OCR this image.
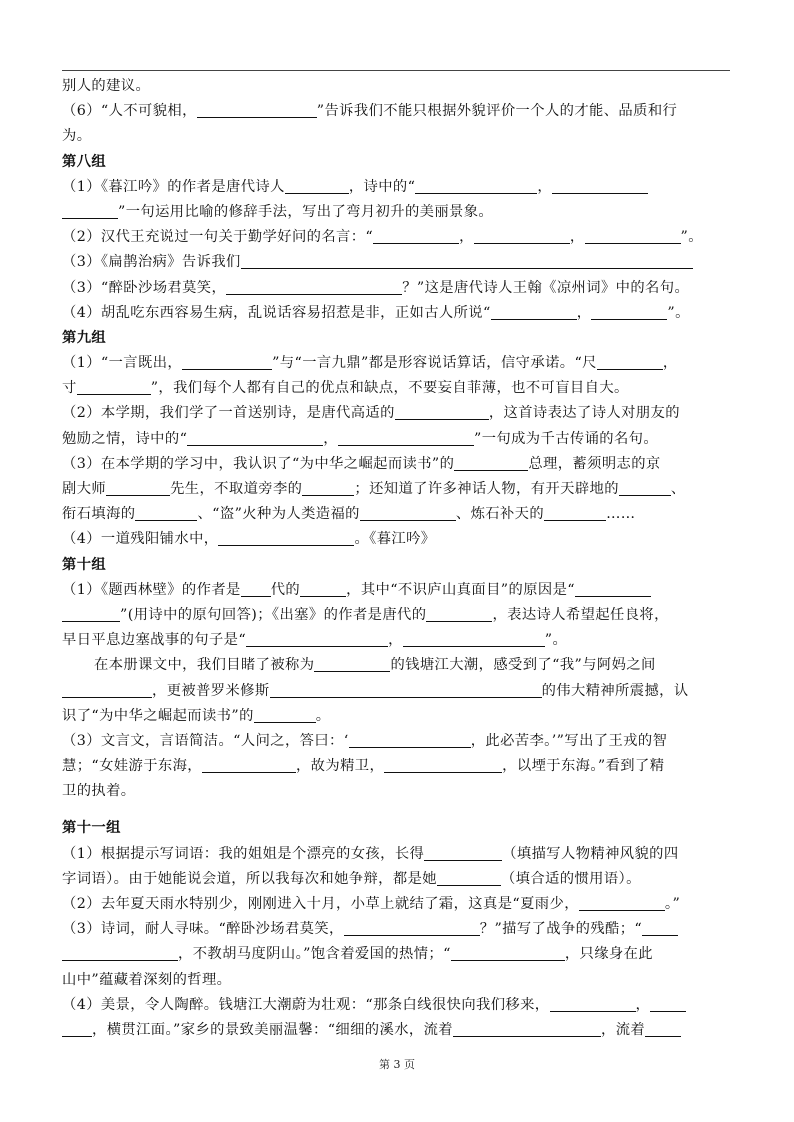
别人的建议。
（6）“人不可貌相，	”告诉我们不能只根据外貌评价一个人的才能、品质和行
为。
第八组
（1）《暮江吟》的作者是唐代诗人	，诗中的“	，
”一句运用比喻的修辞手法，写出了弯月初升的美丽景象。
（2）汉代王充说过一句关于勤学好问的名言：“	，	，	”。
（3）《扁鹊治病》告诉我们
（3）“醉卧沙场君莫笑，	？”这是唐代诗人王翰《凉州词》中的名句。
（4）胡乱吃东西容易生病，乱说话容易招惹是非，正如古人所说“	，	”。
第九组
（1）“一言既出，	”与“一言九鼎”都是形容说话算话，信守承诺。“尺	，
寸	”，我们每个人都有自己的优点和缺点，不要妄自菲薄，也不可盲目自大。
（2）本学期，我们学了一首送别诗，是唐代高适的	，这首诗表达了诗人对朋友的
勉励之情，诗中的“	，	”一句成为千古传诵的名句。
（3）在本学期的学习中，我认识了“为中华之崛起而读书”的	总理，蓄须明志的京
剧大师	先生，不取道旁李的	；还知道了许多神话人物，有开天辟地的	、
衔石填海的	、“盗”火种为人类造福的	、炼石补天的	……
（4）一道残阳铺水中，	。《暮江吟》
第十组
（1）《题西林壁》的作者是 代的	，其中“不识庐山真面目”的原因是“
”(用诗中的原句回答)；《出塞》的作者是唐代的	，表达诗人希望起任良将，
早日平息边塞战事的句子是“	，	”。
在本册课文中，我们目睹了被称为	的钱塘江大潮，感受到了“我”与阿妈之间
，更被普罗米修斯	的伟大精神所震撼，认
识了“为中华之崛起而读书”的	。
（3）文言文，言语简洁。“人问之，答曰：‘	，此必苦李。’”写出了王戎的智
慧；“女娃游于东海，	，故为精卫，	，以堙于东海。”看到了精
卫的执着。
第十一组
（1）根据提示写词语：我的姐姐是个漂亮的女孩，长得	（填描写人物精神风貌的四
字词语）。由于她能说会道，所以我每次和她争辩，都是她	（填合适的惯用语）。
（2）去年夏天雨水特别少，刚刚进入十月，小草上就结了霜，这真是“夏雨少，	。”
（3）诗词，耐人寻味。“醉卧沙场君莫笑，	？”描写了战争的残酷；“
，不教胡马度阴山。”饱含着爱国的热情；“	，只缘身在此
山中”蕴藏着深刻的哲理。
（4）美景，令人陶醉。钱塘江大潮蔚为壮观：“那条白线很快向我们移来，	，
，横贯江面。”家乡的景致美丽温馨：“细细的溪水，流着	，流着
第 3 页
